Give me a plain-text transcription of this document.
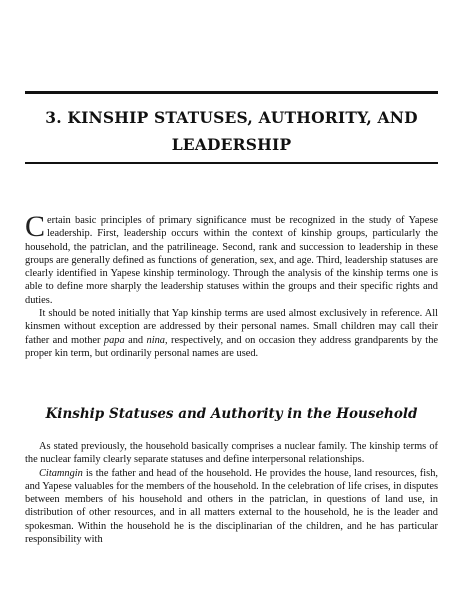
3. KINSHIP STATUSES, AUTHORITY, AND LEADERSHIP

Certain basic principles of primary significance must be recognized in the study of Yapese leadership. First, leadership occurs within the context of kinship groups, particularly the household, the patriclan, and the patrilineage. Second, rank and succession to leadership in these groups are generally defined as functions of generation, sex, and age. Third, leadership statuses are clearly identified in Yapese kinship terminology. Through the analysis of the kinship terms one is able to define more sharply the leadership statuses within the groups and their specific rights and duties.

It should be noted initially that Yap kinship terms are used almost exclusively in reference. All kinsmen without exception are addressed by their personal names. Small children may call their father and mother papa and nina, respectively, and on occasion they address grandparents by the proper kin term, but ordinarily personal names are used.

Kinship Statuses and Authority in the Household

As stated previously, the household basically comprises a nuclear family. The kinship terms of the nuclear family clearly separate statuses and define interpersonal relationships.

Citamngin is the father and head of the household. He provides the house, land resources, fish, and Yapese valuables for the members of the household. In the celebration of life crises, in disputes between members of his household and others in the patriclan, in questions of land use, in distribution of other resources, and in all matters external to the household, he is the leader and spokesman. Within the household he is the disciplinarian of the children, and he has particular responsibility with
